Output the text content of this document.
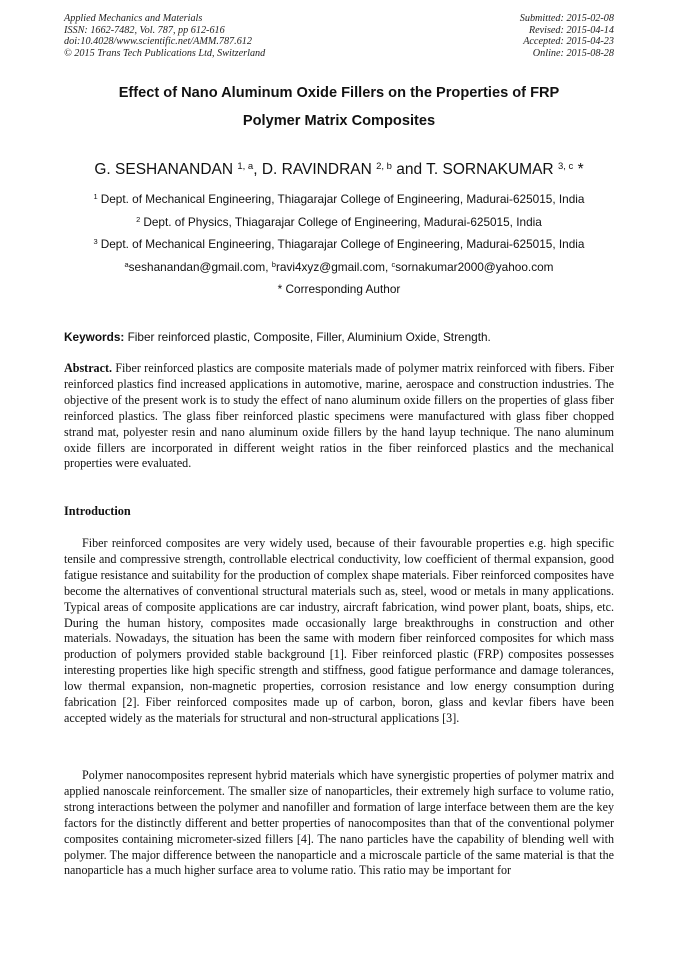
Applied Mechanics and Materials
ISSN: 1662-7482, Vol. 787, pp 612-616
doi:10.4028/www.scientific.net/AMM.787.612
© 2015 Trans Tech Publications Ltd, Switzerland
Submitted: 2015-02-08
Revised: 2015-04-14
Accepted: 2015-04-23
Online: 2015-08-28
Effect of Nano Aluminum Oxide Fillers on the Properties of FRP
Polymer Matrix Composites
G. SESHANANDAN $^{1, a}$, D. RAVINDRAN $^{2, b}$ and T. SORNAKUMAR $^{3, c}$ *
$^1$ Dept. of Mechanical Engineering, Thiagarajar College of Engineering, Madurai-625015, India
$^2$ Dept. of Physics, Thiagarajar College of Engineering, Madurai-625015, India
$^3$ Dept. of Mechanical Engineering, Thiagarajar College of Engineering, Madurai-625015, India
$^a$seshanandan@gmail.com, $^b$ravi4xyz@gmail.com, $^c$sornakumar2000@yahoo.com
* Corresponding Author
Keywords: Fiber reinforced plastic, Composite, Filler, Aluminium Oxide, Strength.
Abstract. Fiber reinforced plastics are composite materials made of polymer matrix reinforced with fibers. Fiber reinforced plastics find increased applications in automotive, marine, aerospace and construction industries. The objective of the present work is to study the effect of nano aluminum oxide fillers on the properties of glass fiber reinforced plastics. The glass fiber reinforced plastic specimens were manufactured with glass fiber chopped strand mat, polyester resin and nano aluminum oxide fillers by the hand layup technique. The nano aluminum oxide fillers are incorporated in different weight ratios in the fiber reinforced plastics and the mechanical properties were evaluated.
Introduction
Fiber reinforced composites are very widely used, because of their favourable properties e.g. high specific tensile and compressive strength, controllable electrical conductivity, low coefficient of thermal expansion, good fatigue resistance and suitability for the production of complex shape materials. Fiber reinforced composites have become the alternatives of conventional structural materials such as, steel, wood or metals in many applications. Typical areas of composite applications are car industry, aircraft fabrication, wind power plant, boats, ships, etc. During the human history, composites made occasionally large breakthroughs in construction and other materials. Nowadays, the situation has been the same with modern fiber reinforced composites for which mass production of polymers provided stable background [1]. Fiber reinforced plastic (FRP) composites possesses interesting properties like high specific strength and stiffness, good fatigue performance and damage tolerances, low thermal expansion, non-magnetic properties, corrosion resistance and low energy consumption during fabrication [2]. Fiber reinforced composites made up of carbon, boron, glass and kevlar fibers have been accepted widely as the materials for structural and non-structural applications [3].
Polymer nanocomposites represent hybrid materials which have synergistic properties of polymer matrix and applied nanoscale reinforcement. The smaller size of nanoparticles, their extremely high surface to volume ratio, strong interactions between the polymer and nanofiller and formation of large interface between them are the key factors for the distinctly different and better properties of nanocomposites than that of the conventional polymer composites containing micrometer-sized fillers [4]. The nano particles have the capability of blending well with polymer. The major difference between the nanoparticle and a microscale particle of the same material is that the nanoparticle has a much higher surface area to volume ratio. This ratio may be important for
